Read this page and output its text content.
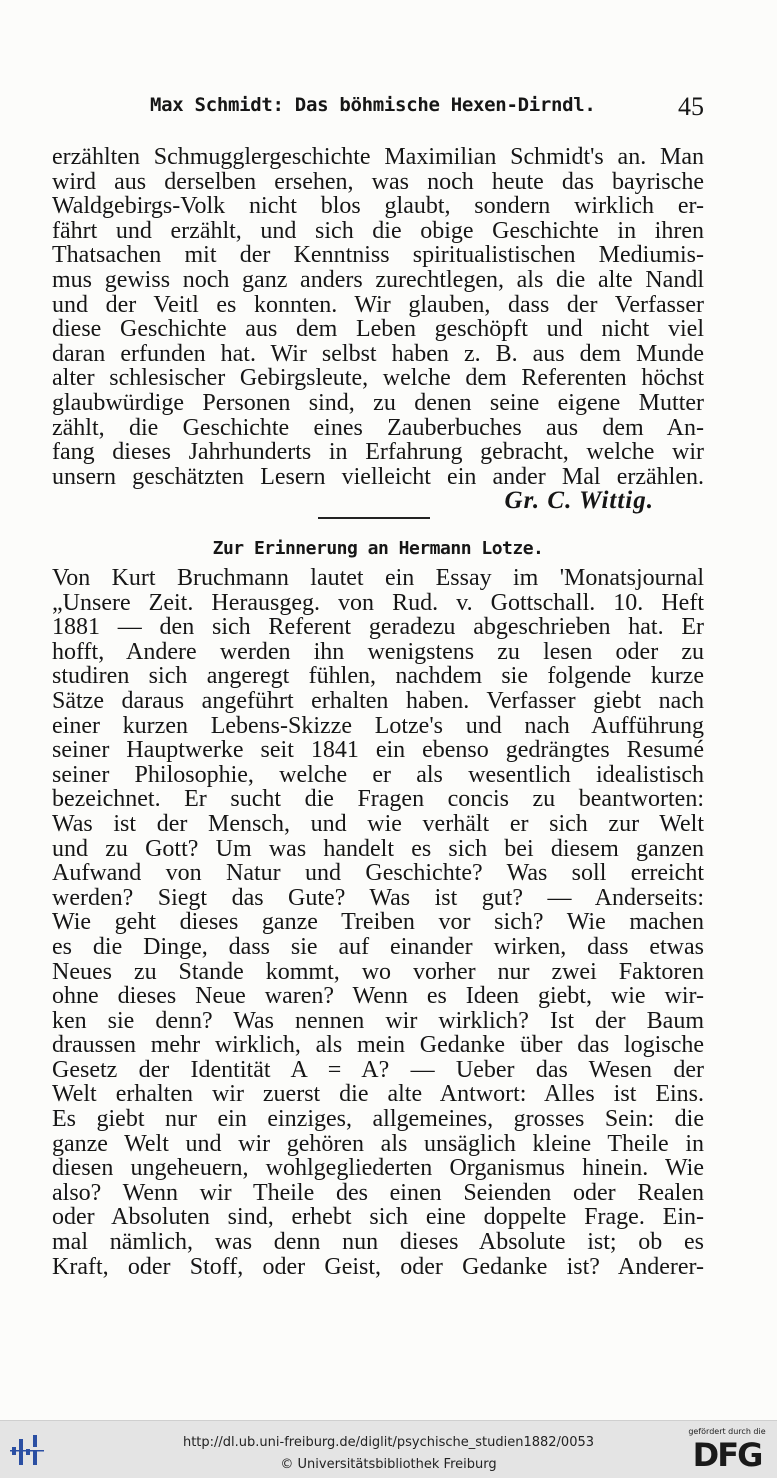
Max Schmidt: Das böhmische Hexen-Dirndl.	45
erzählten Schmugglergeschichte Maximilian Schmidt's an. Man
wird aus derselben ersehen, was noch heute das bayrische
Waldgebirgs-Volk nicht blos glaubt, sondern wirklich er-
fährt und erzählt, und sich die obige Geschichte in ihren
Thatsachen mit der Kenntniss spiritualistischen Mediumis-
mus gewiss noch ganz anders zurechtlegen, als die alte Nandl
und der Veitl es konnten. Wir glauben, dass der Verfasser
diese Geschichte aus dem Leben geschöpft und nicht viel
daran erfunden hat. Wir selbst haben z. B. aus dem Munde
alter schlesischer Gebirgsleute, welche dem Referenten höchst
glaubwürdige Personen sind, zu denen seine eigene Mutter
zählt, die Geschichte eines Zauberbuches aus dem An-
fang dieses Jahrhunderts in Erfahrung gebracht, welche wir
unsern geschätzten Lesern vielleicht ein ander Mal erzählen.
Gr. C. Wittig.
Zur Erinnerung an Hermann Lotze.
Von Kurt Bruchmann lautet ein Essay im 'Monatsjournal
„Unsere Zeit. Herausgeg. von Rud. v. Gottschall. 10. Heft
1881 — den sich Referent geradezu abgeschrieben hat. Er
hofft, Andere werden ihn wenigstens zu lesen oder zu
studiren sich angeregt fühlen, nachdem sie folgende kurze
Sätze daraus angeführt erhalten haben. Verfasser giebt nach
einer kurzen Lebens-Skizze Lotze's und nach Aufführung
seiner Hauptwerke seit 1841 ein ebenso gedrängtes Resumé
seiner Philosophie, welche er als wesentlich idealistisch
bezeichnet. Er sucht die Fragen concis zu beantworten:
Was ist der Mensch, und wie verhält er sich zur Welt
und zu Gott? Um was handelt es sich bei diesem ganzen
Aufwand von Natur und Geschichte? Was soll erreicht
werden? Siegt das Gute? Was ist gut? — Anderseits:
Wie geht dieses ganze Treiben vor sich? Wie machen
es die Dinge, dass sie auf einander wirken, dass etwas
Neues zu Stande kommt, wo vorher nur zwei Faktoren
ohne dieses Neue waren? Wenn es Ideen giebt, wie wir-
ken sie denn? Was nennen wir wirklich? Ist der Baum
draussen mehr wirklich, als mein Gedanke über das logische
Gesetz der Identität A = A? — Ueber das Wesen der
Welt erhalten wir zuerst die alte Antwort: Alles ist Eins.
Es giebt nur ein einziges, allgemeines, grosses Sein: die
ganze Welt und wir gehören als unsäglich kleine Theile in
diesen ungeheuern, wohlgegliederten Organismus hinein. Wie
also? Wenn wir Theile des einen Seienden oder Realen
oder Absoluten sind, erhebt sich eine doppelte Frage. Ein-
mal nämlich, was denn nun dieses Absolute ist; ob es
Kraft, oder Stoff, oder Geist, oder Gedanke ist? Anderer-
http://dl.ub.uni-freiburg.de/diglit/psychische_studien1882/0053
© Universitätsbibliothek Freiburg
gefördert durch die
DFG
